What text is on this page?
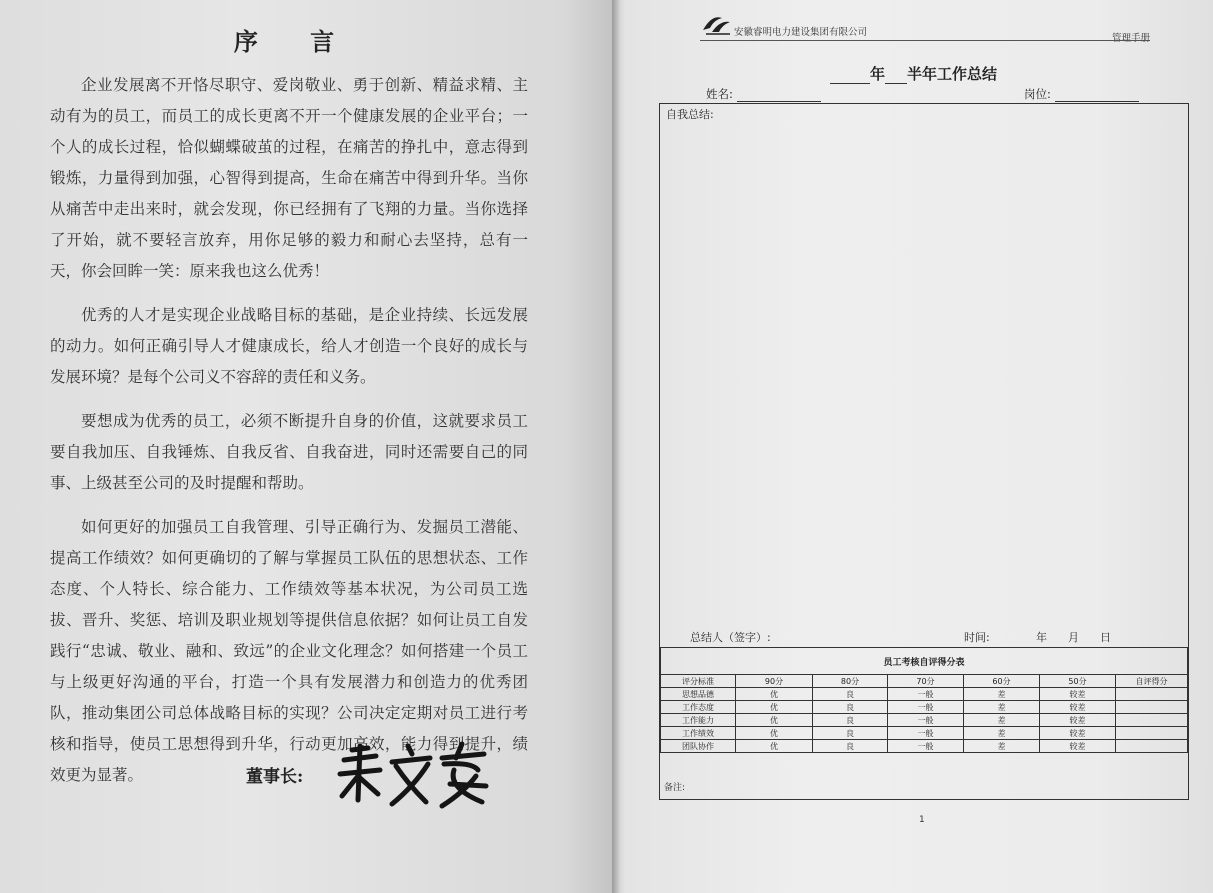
序 言

企业发展离不开恪尽职守、爱岗敬业、勇于创新、精益求精、主动有为的员工，而员工的成长更离不开一个健康发展的企业平台；一个人的成长过程，恰似蝴蝶破茧的过程，在痛苦的挣扎中，意志得到锻炼，力量得到加强，心智得到提高，生命在痛苦中得到升华。当你从痛苦中走出来时，就会发现，你已经拥有了飞翔的力量。当你选择了开始，就不要轻言放弃，用你足够的毅力和耐心去坚持，总有一天，你会回眸一笑：原来我也这么优秀！

优秀的人才是实现企业战略目标的基础，是企业持续、长远发展的动力。如何正确引导人才健康成长，给人才创造一个良好的成长与发展环境？是每个公司义不容辞的责任和义务。

要想成为优秀的员工，必须不断提升自身的价值，这就要求员工要自我加压、自我锤炼、自我反省、自我奋进，同时还需要自己的同事、上级甚至公司的及时提醒和帮助。

如何更好的加强员工自我管理、引导正确行为、发掘员工潜能、提高工作绩效？如何更确切的了解与掌握员工队伍的思想状态、工作态度、个人特长、综合能力、工作绩效等基本状况，为公司员工选拔、晋升、奖惩、培训及职业规划等提供信息依据？如何让员工自发践行“忠诚、敬业、融和、致远”的企业文化理念？如何搭建一个员工与上级更好沟通的平台，打造一个具有发展潜力和创造力的优秀团队，推动集团公司总体战略目标的实现？公司决定定期对员工进行考核和指导，使员工思想得到升华，行动更加高效，能力得到提升，绩效更为显著。	董事长:
安徽睿明电力建设集团有限公司
管理手册
年 半年工作总结
姓名:	岗位:
自我总结:
总结人（签字）:	时间:	年 月 日
员工考核自评得分表						
评分标准	90分	80分	70分	60分	50分	自评得分
思想品德	优	良	一般	差	较差	
工作态度	优	良	一般	差	较差	
工作能力	优	良	一般	差	较差	
工作绩效	优	良	一般	差	较差	
团队协作	优	良	一般	差	较差	
备注:
1
